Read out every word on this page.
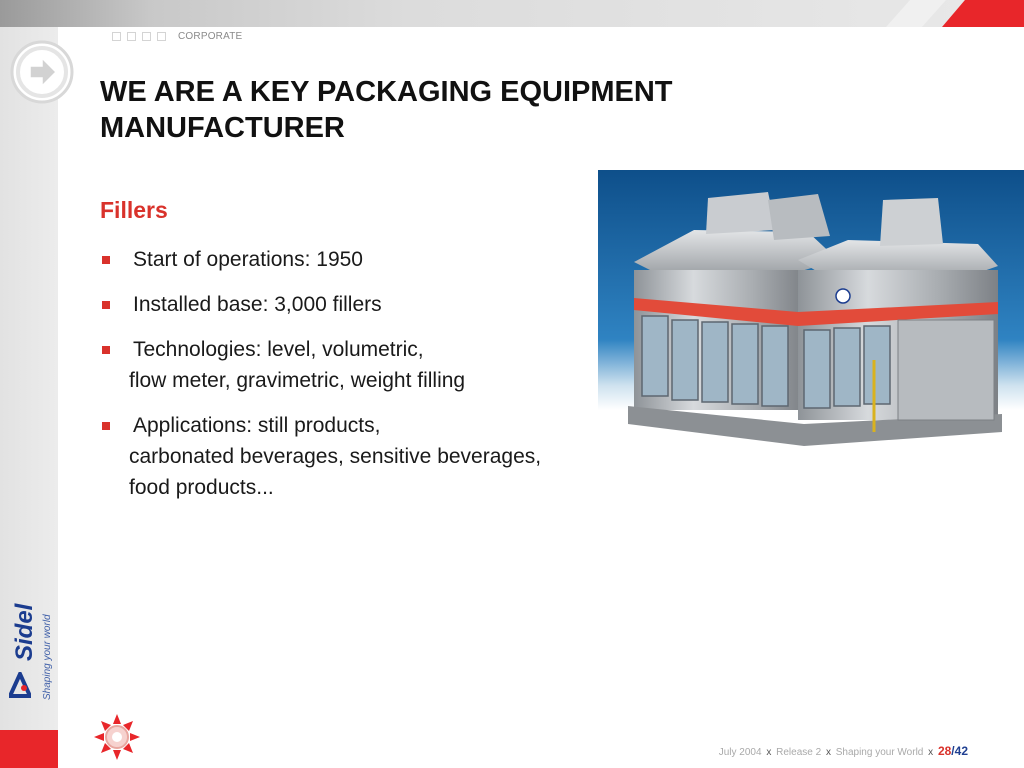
CORPORATE
WE ARE A KEY PACKAGING EQUIPMENT MANUFACTURER
Fillers
Start of operations: 1950
Installed base: 3,000 fillers
Technologies: level, volumetric,
flow meter, gravimetric, weight filling
Applications: still products,
carbonated beverages, sensitive beverages,
food products...
Sidel Shaping your world
July 2004 x Release 2 x Shaping your World x 28/42
